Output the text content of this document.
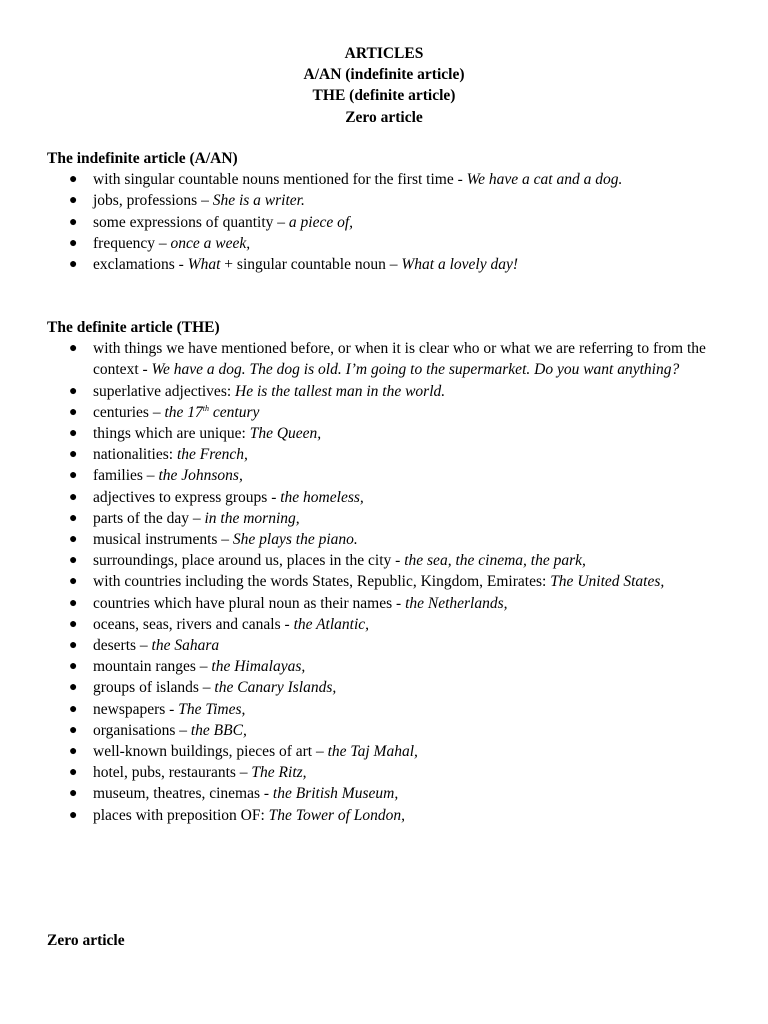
ARTICLES
A/AN (indefinite article)
THE (definite article)
Zero article
The indefinite article (A/AN)
● with singular countable nouns mentioned for the first time - We have a cat and a dog.
● jobs, professions – She is a writer.
● some expressions of quantity – a piece of,
● frequency – once a week,
● exclamations - What + singular countable noun – What a lovely day!
The definite article (THE)
● with things we have mentioned before, or when it is clear who or what we are referring to from the context - We have a dog. The dog is old. I’m going to the supermarket. Do you want anything?
● superlative adjectives: He is the tallest man in the world.
● centuries – the 17th century
● things which are unique: The Queen,
● nationalities: the French,
● families – the Johnsons,
● adjectives to express groups - the homeless,
● parts of the day – in the morning,
● musical instruments – She plays the piano.
● surroundings, place around us, places in the city - the sea, the cinema, the park,
● with countries including the words States, Republic, Kingdom, Emirates: The United States,
● countries which have plural noun as their names - the Netherlands,
● oceans, seas, rivers and canals - the Atlantic,
● deserts – the Sahara
● mountain ranges – the Himalayas,
● groups of islands – the Canary Islands,
● newspapers - The Times,
● organisations – the BBC,
● well-known buildings, pieces of art – the Taj Mahal,
● hotel, pubs, restaurants – The Ritz,
● museum, theatres, cinemas - the British Museum,
● places with preposition OF: The Tower of London,
Zero article
